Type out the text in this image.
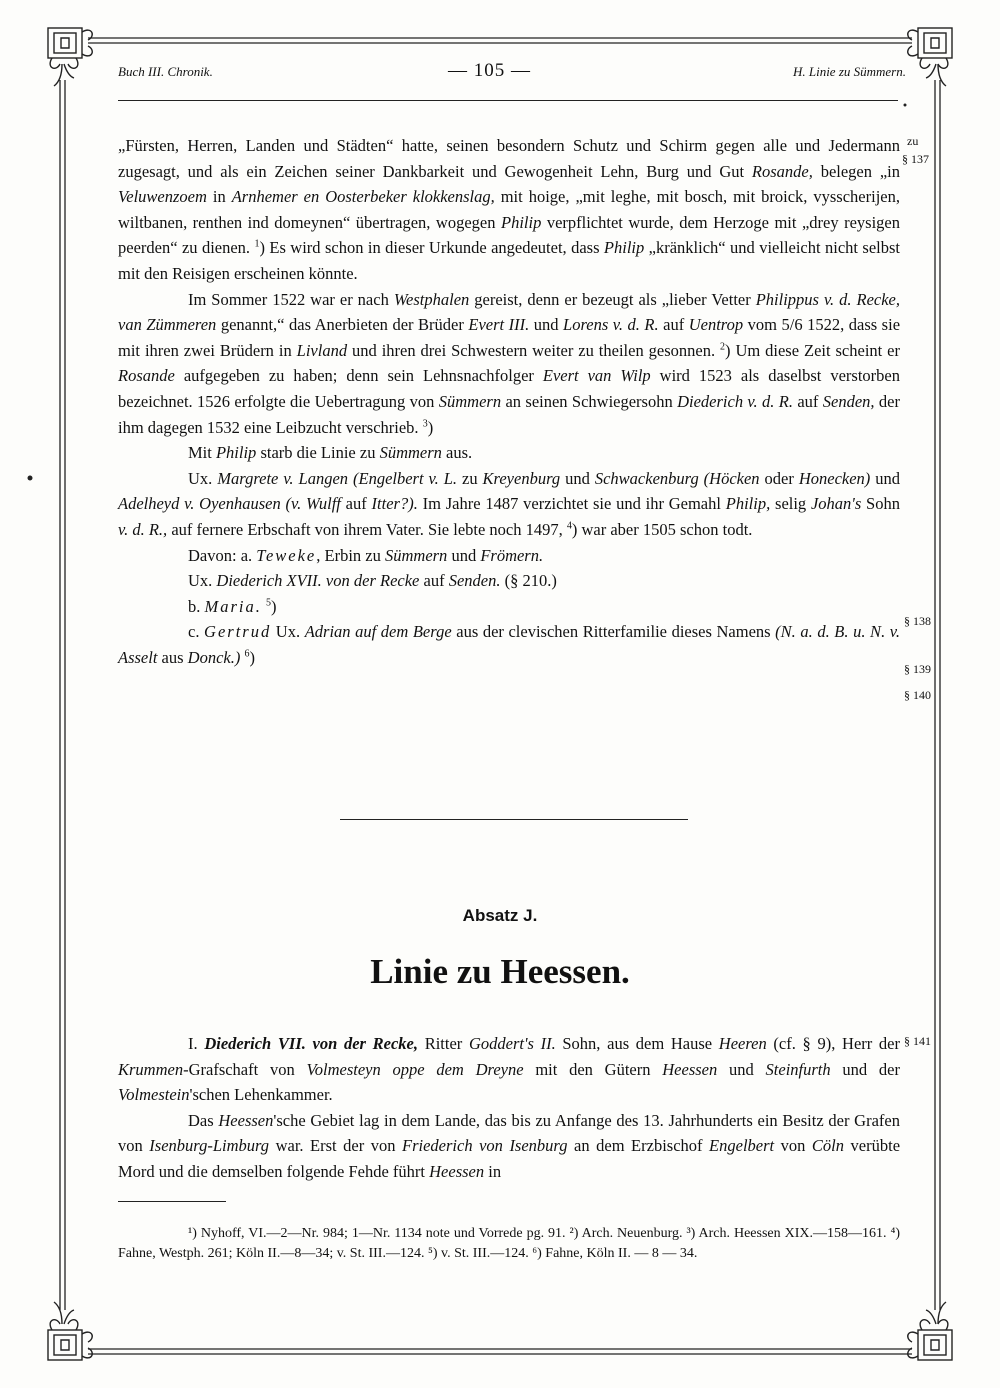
Buch III. Chronik.	— 105 —	H. Linie zu Sümmern.
zu
§ 137
§ 138
§ 139
§ 140
§ 141

„Fürsten, Herren, Landen und Städten“ hatte, seinen besondern Schutz und Schirm gegen alle und Jedermann zugesagt, und als ein Zeichen seiner Dankbarkeit und Gewogenheit Lehn, Burg und Gut Rosande, belegen „in Veluwenzoem in Arnhemer en Oosterbeker klokkenslag, mit hoige, „mit leghe, mit bosch, mit broick, vysscherijen, wiltbanen, renthen ind domeynen“ übertragen, wogegen Philip verpflichtet wurde, dem Herzoge mit „drey reysigen peerden“ zu dienen. $^1$) Es wird schon in dieser Urkunde angedeutet, dass Philip „kränklich“ und vielleicht nicht selbst mit den Reisigen erscheinen könnte.

Im Sommer 1522 war er nach Westphalen gereist, denn er bezeugt als „lieber Vetter Philippus v. d. Recke, van Zümmeren genannt,“ das Anerbieten der Brüder Evert III. und Lorens v. d. R. auf Uentrop vom 5/6 1522, dass sie mit ihren zwei Brüdern in Livland und ihren drei Schwestern weiter zu theilen gesonnen. $^2$) Um diese Zeit scheint er Rosande aufgegeben zu haben; denn sein Lehnsnachfolger Evert van Wilp wird 1523 als daselbst verstorben bezeichnet. 1526 erfolgte die Uebertragung von Sümmern an seinen Schwiegersohn Diederich v. d. R. auf Senden, der ihm dagegen 1532 eine Leibzucht verschrieb. $^3$)

Mit Philip starb die Linie zu Sümmern aus.

Ux. Margrete v. Langen (Engelbert v. L. zu Kreyenburg und Schwackenburg (Höcken oder Honecken) und Adelheyd v. Oyenhausen (v. Wulff auf Itter?). Im Jahre 1487 verzichtet sie und ihr Gemahl Philip, selig Johan's Sohn v. d. R., auf fernere Erbschaft von ihrem Vater. Sie lebte noch 1497, $^4$) war aber 1505 schon todt.

Davon: a. Teweke, Erbin zu Sümmern und Frömern.

Ux. Diederich XVII. von der Recke auf Senden. (§ 210.)

b. Maria. $^5$)

c. Gertrud Ux. Adrian auf dem Berge aus der clevischen Ritterfamilie dieses Namens (N. a. d. B. u. N. v. Asselt aus Donck.) $^6$)

Absatz J.
Linie zu Heessen.

I. Diederich VII. von der Recke, Ritter Goddert's II. Sohn, aus dem Hause Heeren (cf. § 9), Herr der Krummen-Grafschaft von Volmesteyn oppe dem Dreyne mit den Gütern Heessen und Steinfurth und der Volmestein'schen Lehenkammer.

Das Heessen'sche Gebiet lag in dem Lande, das bis zu Anfange des 13. Jahrhunderts ein Besitz der Grafen von Isenburg-Limburg war. Erst der von Friederich von Isenburg an dem Erzbischof Engelbert von Cöln verübte Mord und die demselben folgende Fehde führt Heessen in

¹) Nyhoff, VI.—2—Nr. 984; 1—Nr. 1134 note und Vorrede pg. 91. ²) Arch. Neuenburg. ³) Arch. Heessen XIX.—158—161. ⁴) Fahne, Westph. 261; Köln II.—8—34; v. St. III.—124. ⁵) v. St. III.—124. ⁶) Fahne, Köln II. — 8 — 34.
